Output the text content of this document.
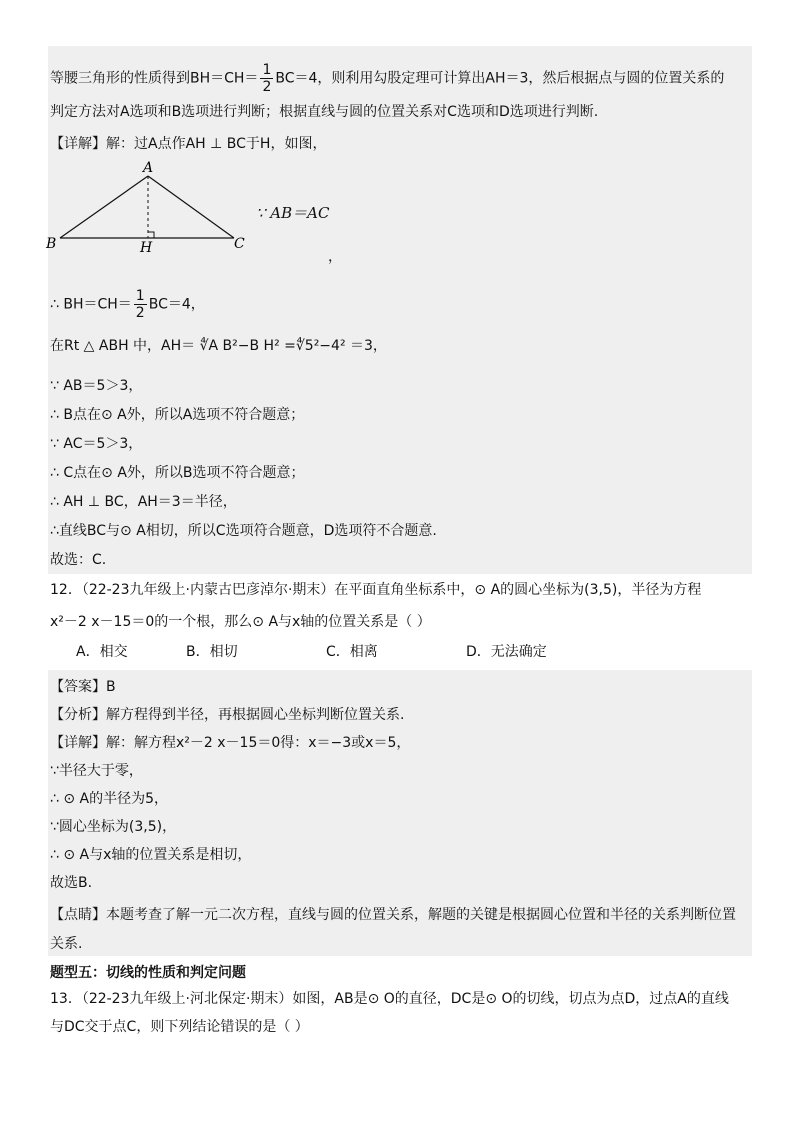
等腰三角形的性质得到$BH=CH= \frac{1}{2} BC=4$，则利用勾股定理可计算出AH＝3，然后根据点与圆的位置关系的
判定方法对A选项和B选项进行判断；根据直线与圆的位置关系对C选项和D选项进行判断.
【详解】解：过A点作AH ⊥ BC于H，如图，
A
B	C
H
∵ AB＝AC
，
∴ $BH=CH= \frac{1}{2} BC=4$，
在Rt △ ABH 中，AH＝ ∜A B²−B H² =∜5²−4² ＝3，
∵ AB＝5＞3，
∴ B点在⊙ A外，所以A选项不符合题意；
∵ AC＝5＞3，
∴ C点在⊙ A外，所以B选项不符合题意；
∴ AH ⊥ BC，AH＝3＝半径，
∴直线BC与⊙ A相切，所以C选项符合题意，D选项符不合题意.
故选：C.
12．（22-23九年级上·内蒙古巴彦淖尔·期末）在平面直角坐标系中，⊙ A的圆心坐标为(3,5)，半径为方程
x²－2 x－15＝0的一个根，那么⊙ A与x轴的位置关系是（ ）
A．相交	B．相切	C．相离	D．无法确定
【答案】B
【分析】解方程得到半径，再根据圆心坐标判断位置关系.
【详解】解：解方程x²－2 x－15＝0得：x＝−3或x＝5，
∵半径大于零，
∴ ⊙ A的半径为5，
∵圆心坐标为(3,5)，
∴ ⊙ A与x轴的位置关系是相切，
故选B.
【点睛】本题考查了解一元二次方程，直线与圆的位置关系，解题的关键是根据圆心位置和半径的关系判断位置
关系.
题型五：切线的性质和判定问题
13．（22-23九年级上·河北保定·期末）如图，AB是⊙ O的直径，DC是⊙ O的切线，切点为点D，过点A的直线
与DC交于点C，则下列结论错误的是（ ）
